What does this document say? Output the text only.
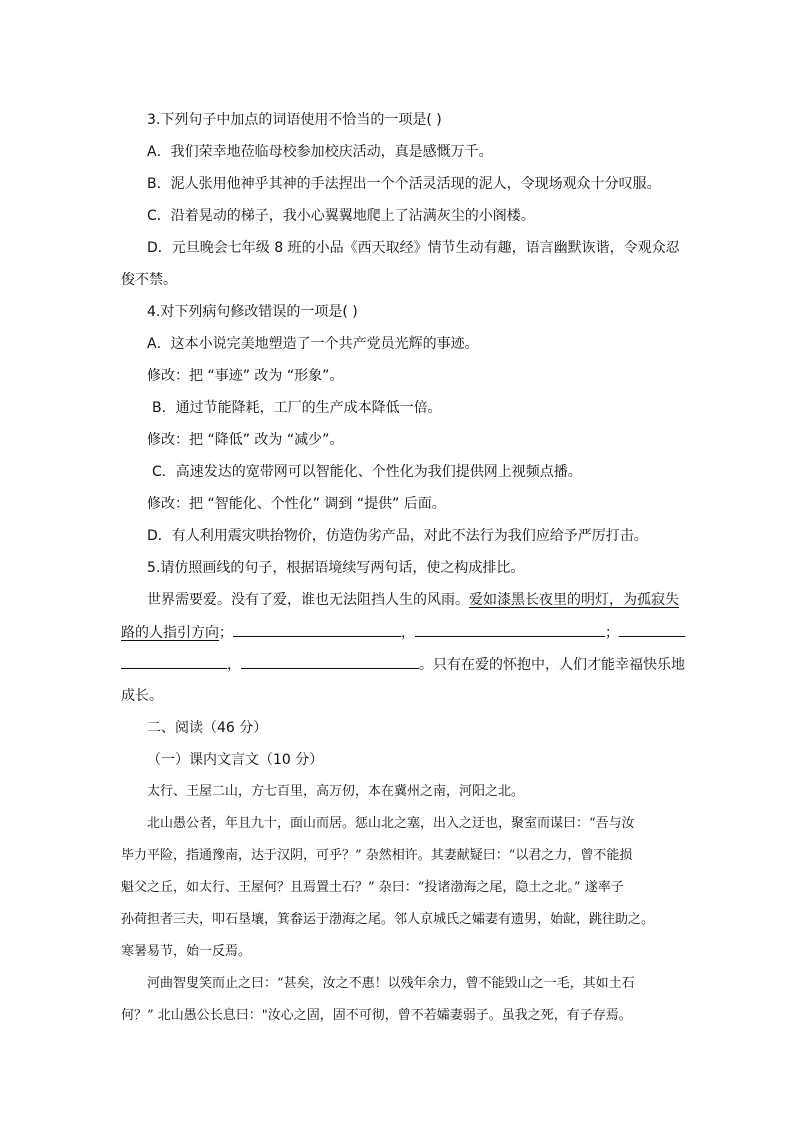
3.下列句子中加点的词语使用不恰当的一项是( )
A．我们荣幸地莅临母校参加校庆活动，真是感慨万千。
B．泥人张用他神乎其神的手法捏出一个个活灵活现的泥人，令现场观众十分叹服。
C．沿着晃动的梯子，我小心翼翼地爬上了沾满灰尘的小阁楼。
D．元旦晚会七年级 8 班的小品《西天取经》情节生动有趣，语言幽默诙谐，令观众忍
俊不禁。
4.对下列病句修改错误的一项是( )
A．这本小说完美地塑造了一个共产党员光辉的事迹。
修改：把 “事迹” 改为 “形象”。
B．通过节能降耗，工厂的生产成本降低一倍。
修改：把 “降低” 改为 “减少”。
C．高速发达的宽带网可以智能化、个性化为我们提供网上视频点播。
修改：把 “智能化、个性化” 调到 “提供” 后面。
D．有人利用震灾哄抬物价，仿造伪劣产品，对此不法行为我们应给予严厉打击。
5.请仿照画线的句子，根据语境续写两句话，使之构成排比。
世界需要爱。没有了爱，谁也无法阻挡人生的风雨。爱如漆黑长夜里的明灯，为孤寂失
路的人指引方向；	，	；
，	。只有在爱的怀抱中，人们才能幸福快乐地
成长。
二、阅读（46 分）
（一）课内文言文（10 分）
太行、王屋二山，方七百里，高万仞，本在冀州之南，河阳之北。
北山愚公者，年且九十，面山而居。惩山北之塞，出入之迂也，聚室而谋曰：“吾与汝
毕力平险，指通豫南，达于汉阴，可乎？” 杂然相许。其妻献疑曰：“以君之力，曾不能损
魁父之丘，如太行、王屋何？且焉置土石？” 杂曰：“投诸渤海之尾，隐土之北。” 遂率子
孙荷担者三夫，叩石垦壤，箕畚运于渤海之尾。邻人京城氏之孀妻有遗男，始龀，跳往助之。
寒暑易节，始一反焉。
河曲智叟笑而止之曰：“甚矣，汝之不惠！以残年余力，曾不能毁山之一毛，其如土石
何？” 北山愚公长息曰："汝心之固，固不可彻，曾不若孀妻弱子。虽我之死，有子存焉。
